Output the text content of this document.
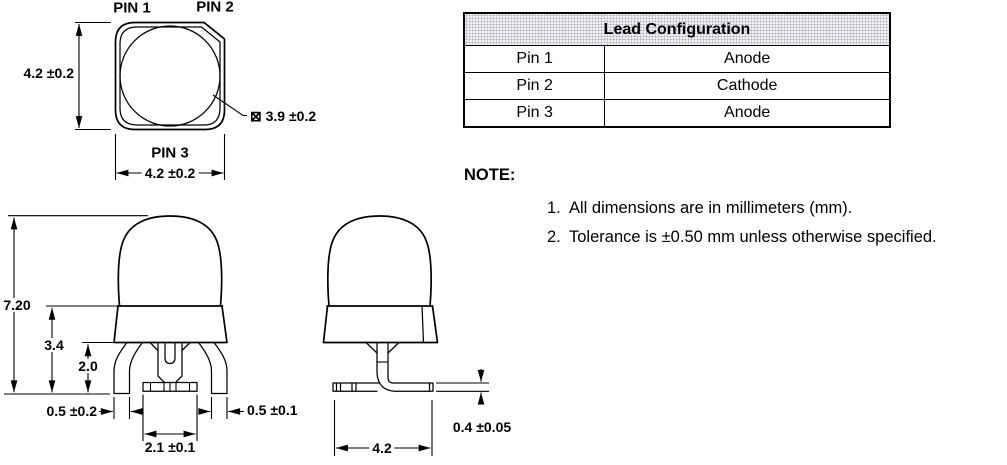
PIN 1	PIN 2
4.2 ±0.2
PIN 3
4.2 ±0.2
⊠ 3.9 ±0.2
Lead Configuration	
Pin 1	Anode
Pin 2	Cathode
Pin 3	Anode
NOTE:
1. All dimensions are in millimeters (mm).
2. Tolerance is ±0.50 mm unless otherwise specified.
7.20
3.4
2.0
0.5 ±0.2
2.1 ±0.1
0.5 ±0.1
4.2
0.4 ±0.05
